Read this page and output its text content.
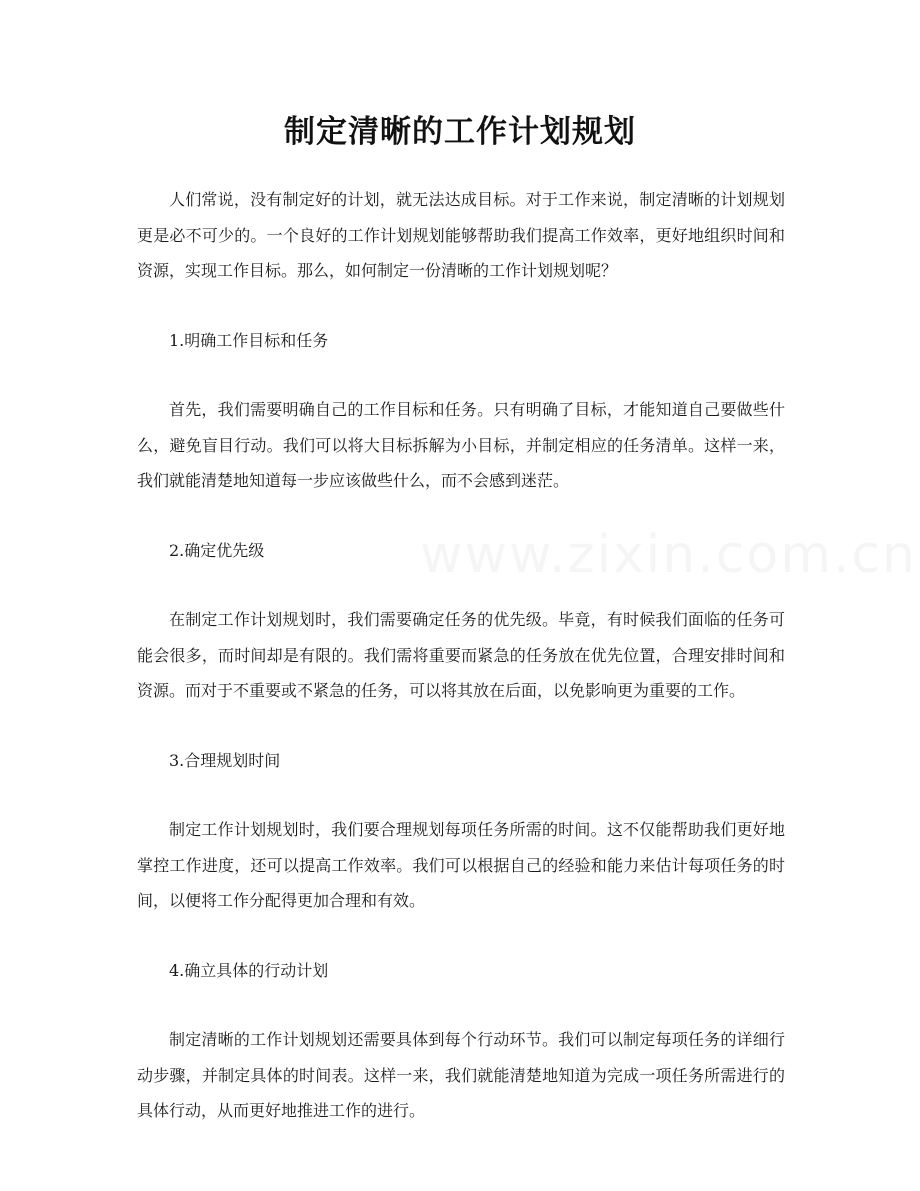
制定清晰的工作计划规划

人们常说，没有制定好的计划，就无法达成目标。对于工作来说，制定清晰的计划规划更是必不可少的。一个良好的工作计划规划能够帮助我们提高工作效率，更好地组织时间和资源，实现工作目标。那么，如何制定一份清晰的工作计划规划呢？

1.明确工作目标和任务

首先，我们需要明确自己的工作目标和任务。只有明确了目标，才能知道自己要做些什么，避免盲目行动。我们可以将大目标拆解为小目标，并制定相应的任务清单。这样一来，我们就能清楚地知道每一步应该做些什么，而不会感到迷茫。

2.确定优先级

在制定工作计划规划时，我们需要确定任务的优先级。毕竟，有时候我们面临的任务可能会很多，而时间却是有限的。我们需将重要而紧急的任务放在优先位置，合理安排时间和资源。而对于不重要或不紧急的任务，可以将其放在后面，以免影响更为重要的工作。

3.合理规划时间

制定工作计划规划时，我们要合理规划每项任务所需的时间。这不仅能帮助我们更好地掌控工作进度，还可以提高工作效率。我们可以根据自己的经验和能力来估计每项任务的时间，以便将工作分配得更加合理和有效。

4.确立具体的行动计划

制定清晰的工作计划规划还需要具体到每个行动环节。我们可以制定每项任务的详细行动步骤，并制定具体的时间表。这样一来，我们就能清楚地知道为完成一项任务所需进行的具体行动，从而更好地推进工作的进行。
